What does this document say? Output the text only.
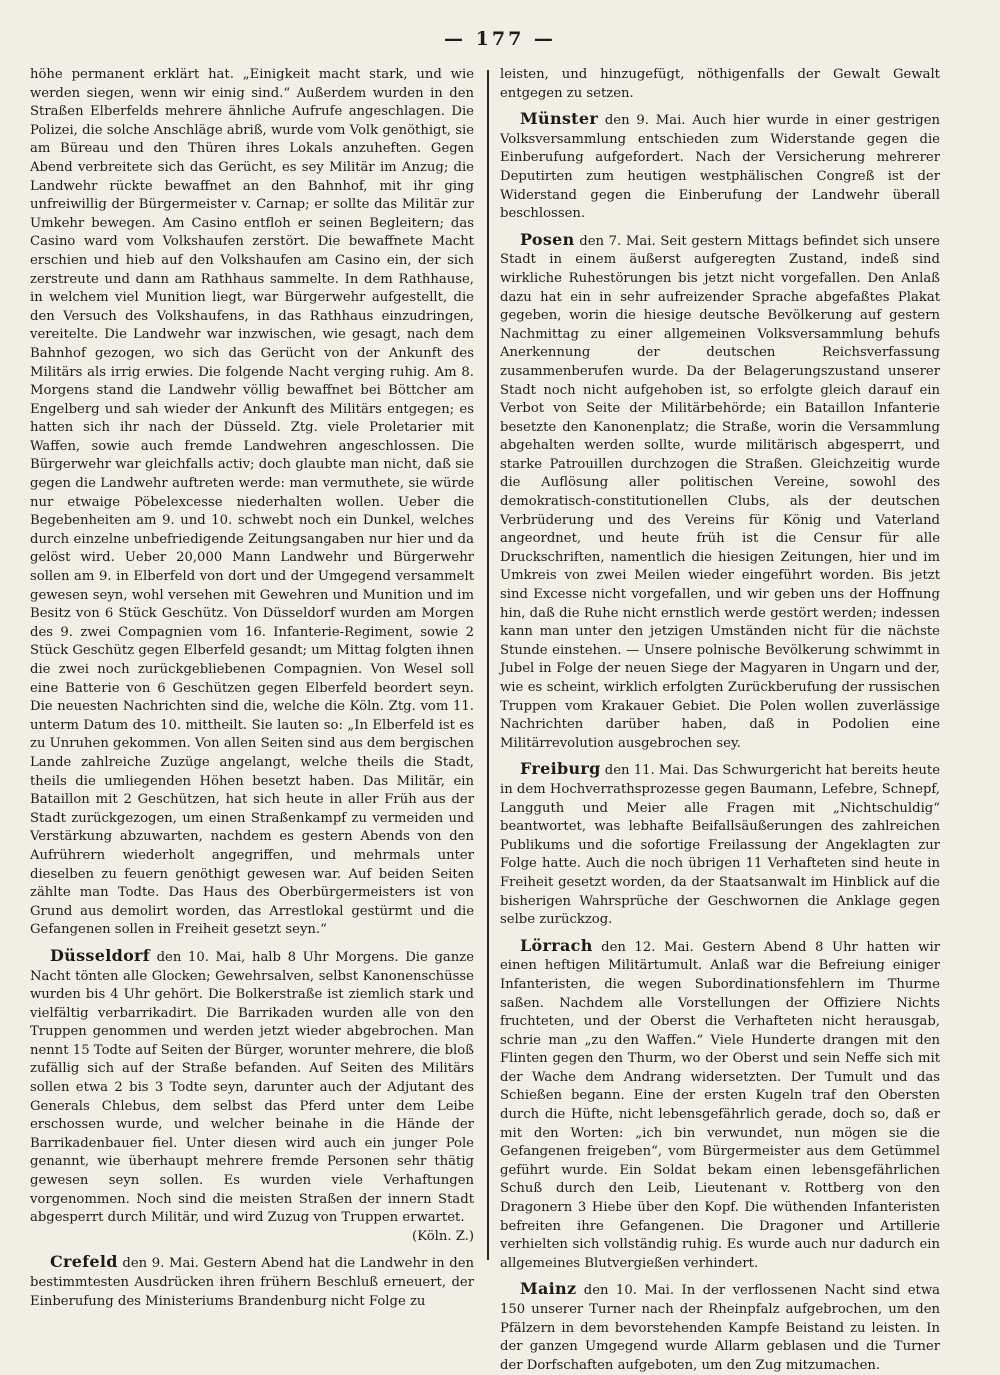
— 177 —

höhe permanent erklärt hat. „Einigkeit macht stark, und wie werden siegen, wenn wir einig sind.“ Außerdem wurden in den Straßen Elberfelds mehrere ähnliche Aufrufe angeschlagen. Die Polizei, die solche Anschläge abriß, wurde vom Volk genöthigt, sie am Büreau und den Thüren ihres Lokals anzuheften. Gegen Abend verbreitete sich das Gerücht, es sey Militär im Anzug; die Landwehr rückte bewaffnet an den Bahnhof, mit ihr ging unfreiwillig der Bürgermeister v. Carnap; er sollte das Militär zur Umkehr bewegen. Am Casino entfloh er seinen Begleitern; das Casino ward vom Volkshaufen zerstört. Die bewaffnete Macht erschien und hieb auf den Volkshaufen am Casino ein, der sich zerstreute und dann am Rathhaus sammelte. In dem Rathhause, in welchem viel Munition liegt, war Bürgerwehr aufgestellt, die den Versuch des Volkshaufens, in das Rathhaus einzudringen, vereitelte. Die Landwehr war inzwischen, wie gesagt, nach dem Bahnhof gezogen, wo sich das Gerücht von der Ankunft des Militärs als irrig erwies. Die folgende Nacht verging ruhig. Am 8. Morgens stand die Landwehr völlig bewaffnet bei Böttcher am Engelberg und sah wieder der Ankunft des Militärs entgegen; es hatten sich ihr nach der Düsseld. Ztg. viele Proletarier mit Waffen, sowie auch fremde Landwehren angeschlossen. Die Bürgerwehr war gleichfalls activ; doch glaubte man nicht, daß sie gegen die Landwehr auftreten werde: man vermuthete, sie würde nur etwaige Pöbelexcesse niederhalten wollen. Ueber die Begebenheiten am 9. und 10. schwebt noch ein Dunkel, welches durch einzelne unbefriedigende Zeitungsangaben nur hier und da gelöst wird. Ueber 20,000 Mann Landwehr und Bürgerwehr sollen am 9. in Elberfeld von dort und der Umgegend versammelt gewesen seyn, wohl versehen mit Gewehren und Munition und im Besitz von 6 Stück Geschütz. Von Düsseldorf wurden am Morgen des 9. zwei Compagnien vom 16. Infanterie-Regiment, sowie 2 Stück Geschütz gegen Elberfeld gesandt; um Mittag folgten ihnen die zwei noch zurückgebliebenen Compagnien. Von Wesel soll eine Batterie von 6 Geschützen gegen Elberfeld beordert seyn. Die neuesten Nachrichten sind die, welche die Köln. Ztg. vom 11. unterm Datum des 10. mittheilt. Sie lauten so: „In Elberfeld ist es zu Unruhen gekommen. Von allen Seiten sind aus dem bergischen Lande zahlreiche Zuzüge angelangt, welche theils die Stadt, theils die umliegenden Höhen besetzt haben. Das Militär, ein Bataillon mit 2 Geschützen, hat sich heute in aller Früh aus der Stadt zurückgezogen, um einen Straßenkampf zu vermeiden und Verstärkung abzuwarten, nachdem es gestern Abends von den Aufrührern wiederholt angegriffen, und mehrmals unter dieselben zu feuern genöthigt gewesen war. Auf beiden Seiten zählte man Todte. Das Haus des Oberbürgermeisters ist von Grund aus demolirt worden, das Arrestlokal gestürmt und die Gefangenen sollen in Freiheit gesetzt seyn.“

Düsseldorf den 10. Mai, halb 8 Uhr Morgens. Die ganze Nacht tönten alle Glocken; Gewehrsalven, selbst Kanonenschüsse wurden bis 4 Uhr gehört. Die Bolkerstraße ist ziemlich stark und vielfältig verbarrikadirt. Die Barrikaden wurden alle von den Truppen genommen und werden jetzt wieder abgebrochen. Man nennt 15 Todte auf Seiten der Bürger, worunter mehrere, die bloß zufällig sich auf der Straße befanden. Auf Seiten des Militärs sollen etwa 2 bis 3 Todte seyn, darunter auch der Adjutant des Generals Chlebus, dem selbst das Pferd unter dem Leibe erschossen wurde, und welcher beinahe in die Hände der Barrikadenbauer fiel. Unter diesen wird auch ein junger Pole genannt, wie überhaupt mehrere fremde Personen sehr thätig gewesen seyn sollen. Es wurden viele Verhaftungen vorgenommen. Noch sind die meisten Straßen der innern Stadt abgesperrt durch Militär, und wird Zuzug von Truppen erwartet.
(Köln. Z.)

Crefeld den 9. Mai. Gestern Abend hat die Landwehr in den bestimmtesten Ausdrücken ihren frühern Beschluß erneuert, der Einberufung des Ministeriums Brandenburg nicht Folge zu

leisten, und hinzugefügt, nöthigenfalls der Gewalt Gewalt entgegen zu setzen.

Münster den 9. Mai. Auch hier wurde in einer gestrigen Volksversammlung entschieden zum Widerstande gegen die Einberufung aufgefordert. Nach der Versicherung mehrerer Deputirten zum heutigen westphälischen Congreß ist der Widerstand gegen die Einberufung der Landwehr überall beschlossen.

Posen den 7. Mai. Seit gestern Mittags befindet sich unsere Stadt in einem äußerst aufgeregten Zustand, indeß sind wirkliche Ruhestörungen bis jetzt nicht vorgefallen. Den Anlaß dazu hat ein in sehr aufreizender Sprache abgefaßtes Plakat gegeben, worin die hiesige deutsche Bevölkerung auf gestern Nachmittag zu einer allgemeinen Volksversammlung behufs Anerkennung der deutschen Reichsverfassung zusammenberufen wurde. Da der Belagerungszustand unserer Stadt noch nicht aufgehoben ist, so erfolgte gleich darauf ein Verbot von Seite der Militärbehörde; ein Bataillon Infanterie besetzte den Kanonenplatz; die Straße, worin die Versammlung abgehalten werden sollte, wurde militärisch abgesperrt, und starke Patrouillen durchzogen die Straßen. Gleichzeitig wurde die Auflösung aller politischen Vereine, sowohl des demokratisch-constitutionellen Clubs, als der deutschen Verbrüderung und des Vereins für König und Vaterland angeordnet, und heute früh ist die Censur für alle Druckschriften, namentlich die hiesigen Zeitungen, hier und im Umkreis von zwei Meilen wieder eingeführt worden. Bis jetzt sind Excesse nicht vorgefallen, und wir geben uns der Hoffnung hin, daß die Ruhe nicht ernstlich werde gestört werden; indessen kann man unter den jetzigen Umständen nicht für die nächste Stunde einstehen. — Unsere polnische Bevölkerung schwimmt in Jubel in Folge der neuen Siege der Magyaren in Ungarn und der, wie es scheint, wirklich erfolgten Zurückberufung der russischen Truppen vom Krakauer Gebiet. Die Polen wollen zuverlässige Nachrichten darüber haben, daß in Podolien eine Militärrevolution ausgebrochen sey.

Freiburg den 11. Mai. Das Schwurgericht hat bereits heute in dem Hochverrathsprozesse gegen Baumann, Lefebre, Schnepf, Langguth und Meier alle Fragen mit „Nichtschuldig“ beantwortet, was lebhafte Beifallsäußerungen des zahlreichen Publikums und die sofortige Freilassung der Angeklagten zur Folge hatte. Auch die noch übrigen 11 Verhafteten sind heute in Freiheit gesetzt worden, da der Staatsanwalt im Hinblick auf die bisherigen Wahrsprüche der Geschwornen die Anklage gegen selbe zurückzog.

Lörrach den 12. Mai. Gestern Abend 8 Uhr hatten wir einen heftigen Militärtumult. Anlaß war die Befreiung einiger Infanteristen, die wegen Subordinationsfehlern im Thurme saßen. Nachdem alle Vorstellungen der Offiziere Nichts fruchteten, und der Oberst die Verhafteten nicht herausgab, schrie man „zu den Waffen.“ Viele Hunderte drangen mit den Flinten gegen den Thurm, wo der Oberst und sein Neffe sich mit der Wache dem Andrang widersetzten. Der Tumult und das Schießen begann. Eine der ersten Kugeln traf den Obersten durch die Hüfte, nicht lebensgefährlich gerade, doch so, daß er mit den Worten: „ich bin verwundet, nun mögen sie die Gefangenen freigeben“, vom Bürgermeister aus dem Getümmel geführt wurde. Ein Soldat bekam einen lebensgefährlichen Schuß durch den Leib, Lieutenant v. Rottberg von den Dragonern 3 Hiebe über den Kopf. Die wüthenden Infanteristen befreiten ihre Gefangenen. Die Dragoner und Artillerie verhielten sich vollständig ruhig. Es wurde auch nur dadurch ein allgemeines Blutvergießen verhindert.

Mainz den 10. Mai. In der verflossenen Nacht sind etwa 150 unserer Turner nach der Rheinpfalz aufgebrochen, um den Pfälzern in dem bevorstehenden Kampfe Beistand zu leisten. In der ganzen Umgegend wurde Allarm geblasen und die Turner der Dorfschaften aufgeboten, um den Zug mitzumachen.
